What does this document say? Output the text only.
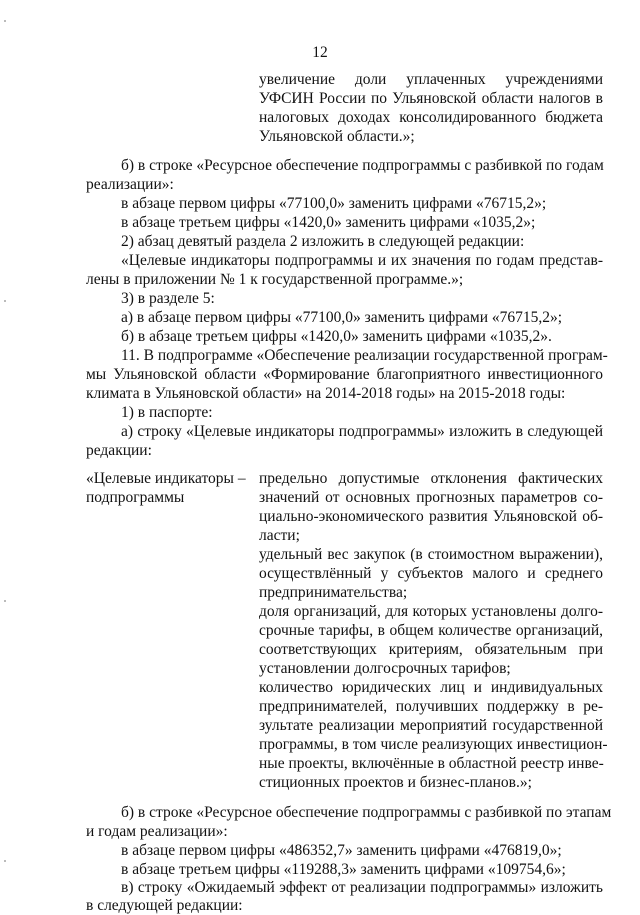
12
увеличение доли уплаченных учреждениями
УФСИН России по Ульяновской области налогов в
налоговых доходах консолидированного бюджета
Ульяновской области.»;
б) в строке «Ресурсное обеспечение подпрограммы с разбивкой по годам
реализации»:
в абзаце первом цифры «77100,0» заменить цифрами «76715,2»;
в абзаце третьем цифры «1420,0» заменить цифрами «1035,2»;
2) абзац девятый раздела 2 изложить в следующей редакции:
«Целевые индикаторы подпрограммы и их значения по годам представ-
лены в приложении № 1 к государственной программе.»;
3) в разделе 5:
а) в абзаце первом цифры «77100,0» заменить цифрами «76715,2»;
б) в абзаце третьем цифры «1420,0» заменить цифрами «1035,2».
11. В подпрограмме «Обеспечение реализации государственной програм-
мы Ульяновской области «Формирование благоприятного инвестиционного
климата в Ульяновской области» на 2014-2018 годы» на 2015-2018 годы:
1) в паспорте:
а) строку «Целевые индикаторы подпрограммы» изложить в следующей
редакции:
«Целевые индикаторы –
подпрограммы
предельно допустимые отклонения фактических
значений от основных прогнозных параметров со-
циально-экономического развития Ульяновской об-
ласти;
удельный вес закупок (в стоимостном выражении),
осуществлённый у субъектов малого и среднего
предпринимательства;
доля организаций, для которых установлены долго-
срочные тарифы, в общем количестве организаций,
соответствующих критериям, обязательным при
установлении долгосрочных тарифов;
количество юридических лиц и индивидуальных
предпринимателей, получивших поддержку в ре-
зультате реализации мероприятий государственной
программы, в том числе реализующих инвестицион-
ные проекты, включённые в областной реестр инве-
стиционных проектов и бизнес-планов.»;
б) в строке «Ресурсное обеспечение подпрограммы с разбивкой по этапам
и годам реализации»:
в абзаце первом цифры «486352,7» заменить цифрами «476819,0»;
в абзаце третьем цифры «119288,3» заменить цифрами «109754,6»;
в) строку «Ожидаемый эффект от реализации подпрограммы» изложить
в следующей редакции:
